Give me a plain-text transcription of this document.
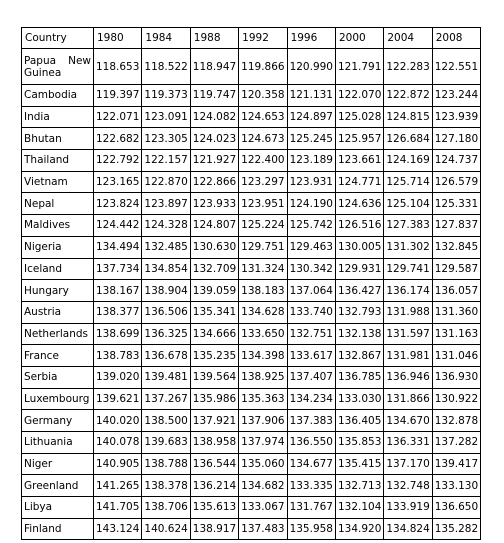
Country	1980	1984	1988	1992	1996	2000	2004	2008
Papua New Guinea	118.653	118.522	118.947	119.866	120.990	121.791	122.283	122.551
Cambodia	119.397	119.373	119.747	120.358	121.131	122.070	122.872	123.244
India	122.071	123.091	124.082	124.653	124.897	125.028	124.815	123.939
Bhutan	122.682	123.305	124.023	124.673	125.245	125.957	126.684	127.180
Thailand	122.792	122.157	121.927	122.400	123.189	123.661	124.169	124.737
Vietnam	123.165	122.870	122.866	123.297	123.931	124.771	125.714	126.579
Nepal	123.824	123.897	123.933	123.951	124.190	124.636	125.104	125.331
Maldives	124.442	124.328	124.807	125.224	125.742	126.516	127.383	127.837
Nigeria	134.494	132.485	130.630	129.751	129.463	130.005	131.302	132.845
Iceland	137.734	134.854	132.709	131.324	130.342	129.931	129.741	129.587
Hungary	138.167	138.904	139.059	138.183	137.064	136.427	136.174	136.057
Austria	138.377	136.506	135.341	134.628	133.740	132.793	131.988	131.360
Netherlands	138.699	136.325	134.666	133.650	132.751	132.138	131.597	131.163
France	138.783	136.678	135.235	134.398	133.617	132.867	131.981	131.046
Serbia	139.020	139.481	139.564	138.925	137.407	136.785	136.946	136.930
Luxembourg	139.621	137.267	135.986	135.363	134.234	133.030	131.866	130.922
Germany	140.020	138.500	137.921	137.906	137.383	136.405	134.670	132.878
Lithuania	140.078	139.683	138.958	137.974	136.550	135.853	136.331	137.282
Niger	140.905	138.788	136.544	135.060	134.677	135.415	137.170	139.417
Greenland	141.265	138.378	136.214	134.682	133.335	132.713	132.748	133.130
Libya	141.705	138.706	135.613	133.067	131.767	132.104	133.919	136.650
Finland	143.124	140.624	138.917	137.483	135.958	134.920	134.824	135.282
